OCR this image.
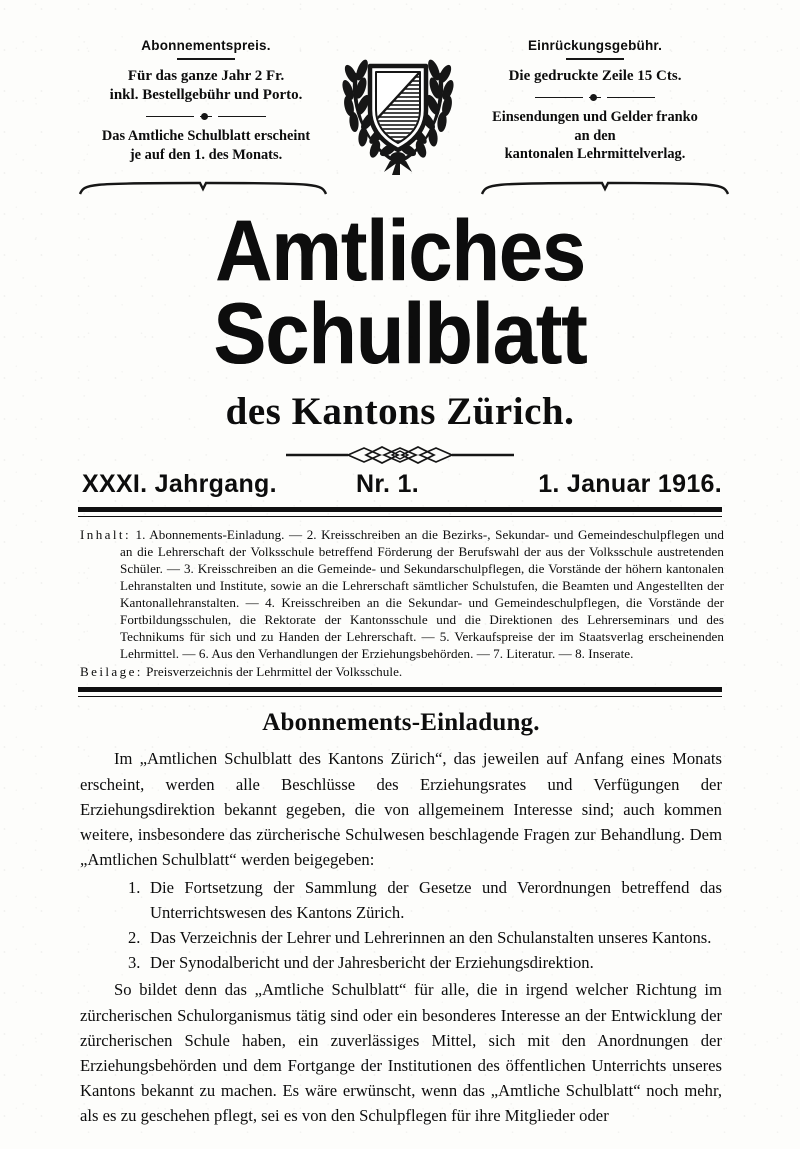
Abonnementspreis.

Für das ganze Jahr 2 Fr.

inkl. Bestellgebühr und Porto.

Das Amtliche Schulblatt erscheint

je auf den 1. des Monats.

Einrückungsgebühr.

Die gedruckte Zeile 15 Cts.

Einsendungen und Gelder franko

an den

kantonalen Lehrmittelverlag.

Amtliches Schulblatt
des Kantons Zürich.
XXXI. Jahrgang.	Nr. 1.	1. Januar 1916.

Inhalt: 1. Abonnements-Einladung. — 2. Kreisschreiben an die Bezirks-, Sekundar- und Gemeindeschulpflegen und an die Lehrerschaft der Volksschule betreffend Förderung der Berufswahl der aus der Volksschule austretenden Schüler. — 3. Kreisschreiben an die Gemeinde- und Sekundarschulpflegen, die Vorstände der höhern kantonalen Lehranstalten und Institute, sowie an die Lehrerschaft sämtlicher Schulstufen, die Beamten und Angestellten der Kantonallehranstalten. — 4. Kreisschreiben an die Sekundar- und Gemeindeschulpflegen, die Vorstände der Fortbildungsschulen, die Rektorate der Kantonsschule und die Direktionen des Lehrerseminars und des Technikums für sich und zu Handen der Lehrerschaft. — 5. Verkaufspreise der im Staatsverlag erscheinenden Lehrmittel. — 6. Aus den Verhandlungen der Erziehungsbehörden. — 7. Literatur. — 8. Inserate.

Beilage: Preisverzeichnis der Lehrmittel der Volksschule.

Abonnements-Einladung.

Im „Amtlichen Schulblatt des Kantons Zürich“, das jeweilen auf Anfang eines Monats erscheint, werden alle Beschlüsse des Erziehungsrates und Verfügungen der Erziehungsdirektion bekannt gegeben, die von allgemeinem Interesse sind; auch kommen weitere, insbesondere das zürcherische Schulwesen beschlagende Fragen zur Behandlung. Dem „Amtlichen Schulblatt“ werden beigegeben:

Die Fortsetzung der Sammlung der Gesetze und Verordnungen betreffend das Unterrichtswesen des Kantons Zürich.
Das Verzeichnis der Lehrer und Lehrerinnen an den Schulanstalten unseres Kantons.
Der Synodalbericht und der Jahresbericht der Erziehungsdirektion.

So bildet denn das „Amtliche Schulblatt“ für alle, die in irgend welcher Richtung im zürcherischen Schulorganismus tätig sind oder ein besonderes Interesse an der Entwicklung der zürcherischen Schule haben, ein zuverlässiges Mittel, sich mit den Anordnungen der Erziehungsbehörden und dem Fortgange der Institutionen des öffentlichen Unterrichts unseres Kantons bekannt zu machen. Es wäre erwünscht, wenn das „Amtliche Schulblatt“ noch mehr, als es zu geschehen pflegt, sei es von den Schulpflegen für ihre Mitglieder oder
